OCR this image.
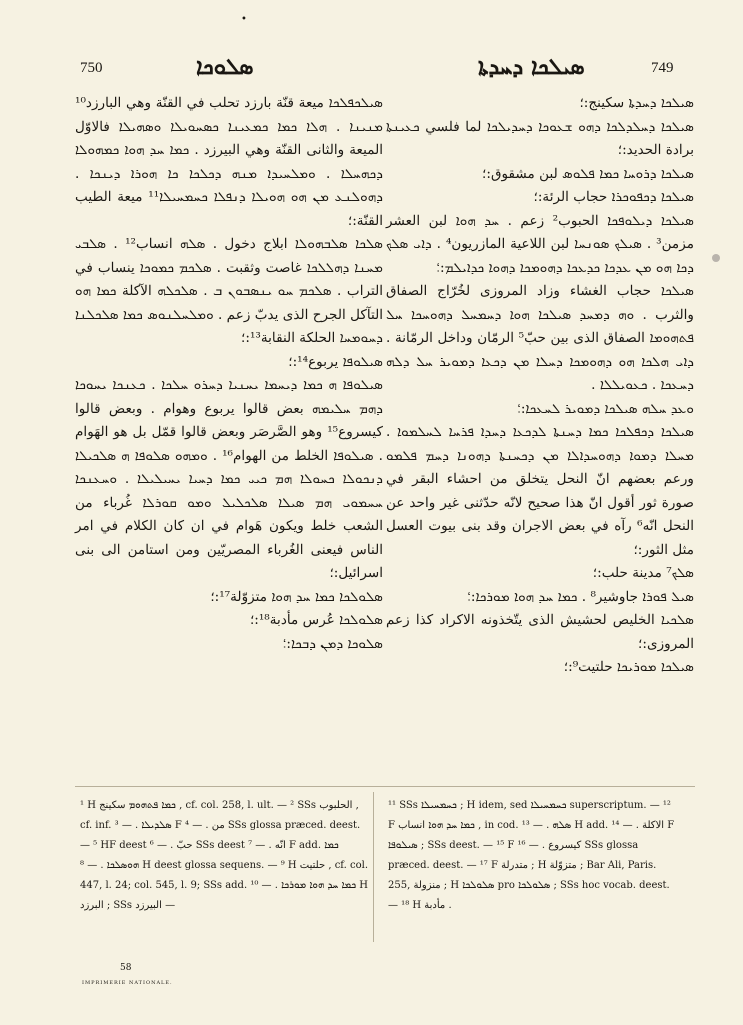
•
750	ܣܠܘܟܐ	ܣܝܠܟܐ ܕܚܕܬܐ	749

ܣܝܠܟܦܠܟܐ ميعة قنّة بارزد تحلب في القنّة وهي البارزد¹⁰ ܡܢܝܢܐ . ܗܠܐ ܟܡܐ ܟܡܥܝܢܐ ܟܣܚܘܝܠܐ ܘܣܗܝܠܐ فالاوّل الميعة والثانى القنّة وهي البيرزد . ܟܡܐ ܚܕ ܗܘܐ ܟܡܗܘܠܐ ܕܟܗܚܠܐ . ܘܡܠܚܝܕܐ ܡܢܗ ܕܟܠܟܐ ܟܐ ܗܘܪܐ ܕܝܢܟܐ . ܕܗܘܠܢܥ ܡܢ ܗܘ ܗܘܝܠܐ ܕܢܦܠܐ ܟܚܡܚܝܠܐ¹¹ ميعة الطيب القنّة:؛

ܣܠܟܐ ܣܠܒܗܘܠܐ ابلاج دخول . ܣܠܗ انساب¹² . ܣܠܒܝ ܡܚܢܐ ܕܗܠܠܟܐ غاصت وثقبت . ܣܠܟܡ ܟܡܘܟܐ ينساب في التراب . ܣܠܟܡ ܚܘ ܝܢܣܒܘܢ ܒ . ܣܠܟܠܗ الآكلة ܟܡܐ ܗܘ التآكل الجرح الذى يدبّ زعم . ܘܡܠܚܠܢܘܣ ܟܡܐ ܣܠܟܠܢܐ ܕܚܘܡܚܐ الحلكة النقابة¹³:؛

ܣܝܠܘܦܐ يربوع¹⁴:؛

ܣܝܠܘܦܐ ܗ ܟܡܐ ܕܝܚܡܐ ܝܚܢܝܐ ܕܚܪܘ ܚܠܟܐ . ܟܥܢܟܐ ܝܚܘܟܐ ܕܗܡ ܚܠܝܡܗ بعض قالوا يربوع وهوام . وبعض قالوا كيسروع¹⁵ وهو الصَّرصَر وبعض قالوا قمّل بل هو الهَوام . ܣܝܠܘܦܐ الخلط من الهوام¹⁶ . ܘܡܗܘ ܣܠܘܦܐ ܗ ܣܠܟܝܠܐ ܕܢܟܘܠܐ ܟܚܘܠܐ ܗܡ ܟܝܝ ܟܡܐ ܕܚܝܐ ܝܚܝܠܝܠܐ . ܘܚܥܢܟܐ ܚܚܡܘܝ ܗܡ ܣܝܠܐ ܣܠܟܠܝܠ ܘܡܘ ܩܘܪܠܐ غُرباء من الشعب خلط ويكون هَوام في ان كان الكلام في امر الناس فيعنى الغُرباء المصريّين ومن استامن الى بنى اسرائيل:؛

ܣܠܘܠܟܐ ܟܡܐ ܚܕ ܗܘܐ متزوّلة¹⁷:؛

ܣܠܘܠܟܐ عُرس مأدبة¹⁸:؛

ܣܠܘܟܐ ܕܡܢ ܕܒܟܐ:؛

ܣܝܠܟܐ ܕܚܕܬܐ سكينج:؛

ܣܝܠܟܐ ܕܚܠܕܠܟܐ ܕܗܘ ܫܥܘܟܐ ܕܚܕܝܠܟܐ لما فلسي ܟܥܝܢܬܐ برادة الحديد:؛

ܣܝܠܟܐ ܕܪܘܚܐ ܟܡܐ ܦܠܘܣ لبن مشقوق:؛

ܣܝܠܟܐ ܕܟܦܘܟܪܐ حجاب الرئة:؛

ܣܝܠܟܐ ܕܝܠܘܦܟܐ الحبوب² زعم . ܚܕ ܗܘܐ لبن العشر مزمن³ . ܣܝܠܟ ܣܘܢܚܐ لبن اللاعية المازريون⁴ . ܕܐܝ ܣܠܟ ܕܟܐ ܗܘ ܡܢ ܥܕܟܐ ܟܕܥܟܐ ܕܗܘܡܟܐ ܕܗܘܐ ܟܕܐܝܠܡ:؛

ܣܝܠܟܐ حجاب الغشاء وزاد المروزى لخُرّاج الصفاق والثرب . ܘܗ ܕܡܚܕ ܣܝܠܟܐ ܗܘܐ ܕܚܡܚܠ ܕܗܘܚܟܐ ܚܠ ܦܬܗܘܡܐ الصفاق الذى بين حبّ⁵ الرمّان وداخل الرمّانة . ܕܐܝ ܗܠܟܐ ܗܘ ܕܗܘܡܟܐ ܕܚܠܐ ܡܢ ܕܟܥܐ ܕܡܘܝܪ ܚܠ ܕܠܗ ܕܚܥܟܐ . ܟܥܘܝܠܠܐ .

ܘܥܕ ܚܠܗ ܣܝܠܟܐ ܕܡܘܝܪ ܠܚܥܟܐ:؛

ܣܝܠܟܐ ܕܟܦܠܟܐ ܟܡܐ ܕܚܢܬܐ ܠܕܟܥܐ ܕܚܕܐ ܦܪܚܐ ܠܚܠܡܘܐ . ܡܚܠܐ ܕܡܘܐ ܕܗܘܚܕܐܠܐ ܡܢ ܕܟܚܢܬܐ ܕܗܘܢܐ ܕܚܡ ܦܠܡܘ ورعم بعضهم انّ النحل يتخلق من احشاء البقر في صورة ثور أقول انّ هذا صحيح لانّه حدّثنى غير واحد عن النحل انّه⁶ رآه في بعض الاجران وقد بنى بيوت العسل مثل الثور:؛

ܣܠܟ⁷ مدينة حلب:؛

ܣܝܠ ܦܘܪܐ جاوشير⁸ . ܟܡܐ ܚܕ ܗܘܐ ܡܘܪܟܐ:؛

ܣܠܟܝܐ الخليص لحشيش الذى يتّخذونه الاكراد كذا زعم المروزى:؛

ܣܝܠܟܐ ܡܘܪܝܟܐ حلتيت⁹:؛

¹ H ܟܡܐ ܦܬܗܘܡ سكينج , cf. col. 258, l. ult. — ² SSs الحلبوب , cf. inf. ܣܠܕܝܠܐ . — ³ F من . — ⁴ SSs glossa præced. deest. — ⁵ HF deest حبّ . — ⁶ SSs deest انّه . — ⁷ F add. ܟܡܐ ܗܘܣܠܟܐ . — ⁸ H deest glossa sequens. — ⁹ H حلتيت , cf. col. 447, l. 24; col. 545, l. 9; SSs add. ܟܡܐ ܚܕ ܗܘܐ ܡܘܪܟܐ . — ¹⁰ H البرزد ; SSs البيرزد —

¹¹ SSs ܟܚܡܚܝܠܐ ; H idem, sed ܟܚܡܚܝܠܐ superscriptum. — ¹² F ܟܡܐ ܚܕ ܗܘܐ انساب , in cod. ܣܠܗ . — ¹³ H add. الاكلة . — ¹⁴ F ܣܝܠܘܦܐ ; SSs deest. — ¹⁵ F كيسروع . — ¹⁶ SSs glossa præced. deest. — ¹⁷ F متدرلة ; H متزوّلة ; Bar Ali, Paris. 255, منزولة ; H ܣܠܘܠܟܐ pro ܣܠܘܠܟܐ ; SSs hoc vocab. deest. — ¹⁸ H مأدبة .

58
IMPRIMERIE NATIONALE.
